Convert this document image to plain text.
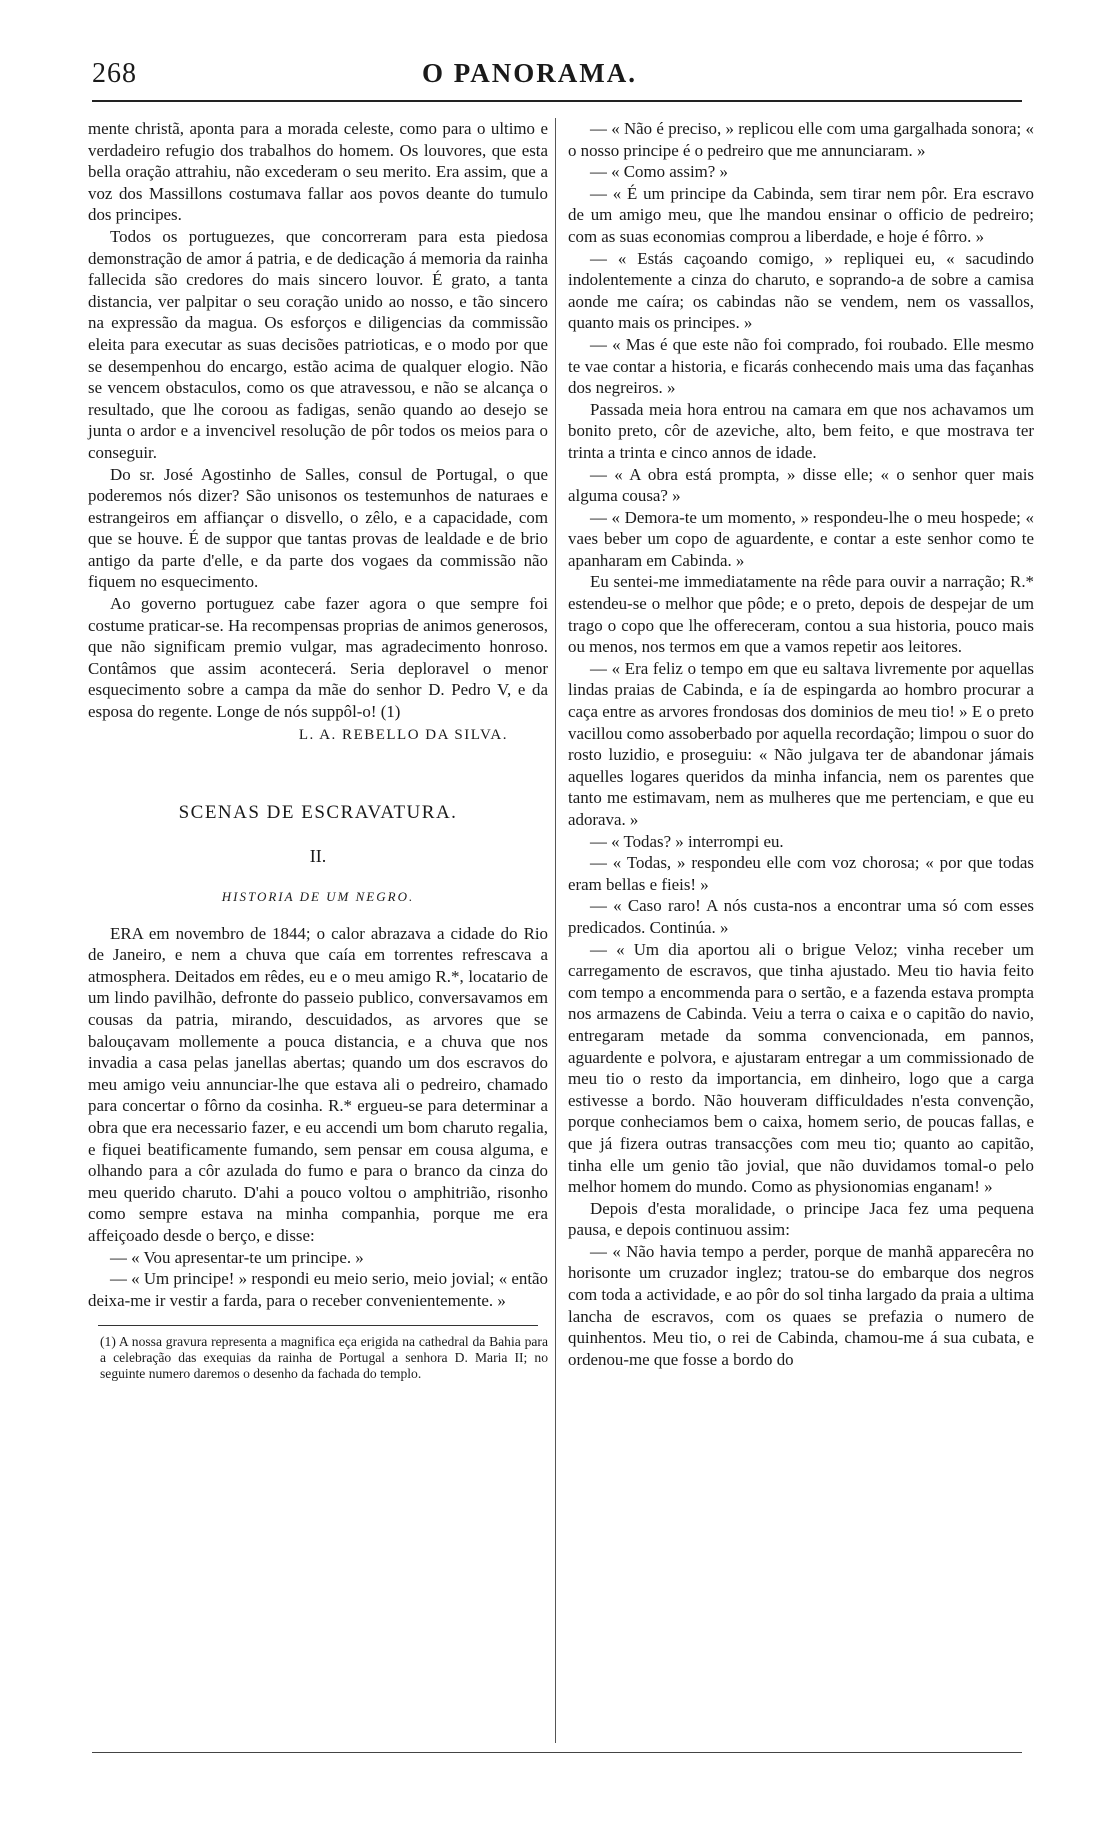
268	O PANORAMA.

mente christã, aponta para a morada celeste, como para o ultimo e verdadeiro refugio dos trabalhos do homem. Os louvores, que esta bella oração attrahiu, não excederam o seu merito. Era assim, que a voz dos Massillons costumava fallar aos povos deante do tumulo dos principes.

Todos os portuguezes, que concorreram para esta piedosa demonstração de amor á patria, e de dedicação á memoria da rainha fallecida são credores do mais sincero louvor. É grato, a tanta distancia, ver palpitar o seu coração unido ao nosso, e tão sincero na expressão da magua. Os esforços e diligencias da commissão eleita para executar as suas decisões patrioticas, e o modo por que se desempenhou do encargo, estão acima de qualquer elogio. Não se vencem obstaculos, como os que atravessou, e não se alcança o resultado, que lhe coroou as fadigas, senão quando ao desejo se junta o ardor e a invencivel resolução de pôr todos os meios para o conseguir.

Do sr. José Agostinho de Salles, consul de Portugal, o que poderemos nós dizer? São unisonos os testemunhos de naturaes e estrangeiros em affiançar o disvello, o zêlo, e a capacidade, com que se houve. É de suppor que tantas provas de lealdade e de brio antigo da parte d'elle, e da parte dos vogaes da commissão não fiquem no esquecimento.

Ao governo portuguez cabe fazer agora o que sempre foi costume praticar-se. Ha recompensas proprias de animos generosos, que não significam premio vulgar, mas agradecimento honroso. Contâmos que assim acontecerá. Seria deploravel o menor esquecimento sobre a campa da mãe do senhor D. Pedro V, e da esposa do regente. Longe de nós suppôl-o! (1)

L. A. REBELLO DA SILVA.
SCENAS DE ESCRAVATURA.
II.
HISTORIA DE UM NEGRO.

ERA em novembro de 1844; o calor abrazava a cidade do Rio de Janeiro, e nem a chuva que caía em torrentes refrescava a atmosphera. Deitados em rêdes, eu e o meu amigo R.*, locatario de um lindo pavilhão, defronte do passeio publico, conversavamos em cousas da patria, mirando, descuidados, as arvores que se balouçavam mollemente a pouca distancia, e a chuva que nos invadia a casa pelas janellas abertas; quando um dos escravos do meu amigo veiu annunciar-lhe que estava ali o pedreiro, chamado para concertar o fôrno da cosinha. R.* ergueu-se para determinar a obra que era necessario fazer, e eu accendi um bom charuto regalia, e fiquei beatificamente fumando, sem pensar em cousa alguma, e olhando para a côr azulada do fumo e para o branco da cinza do meu querido charuto. D'ahi a pouco voltou o amphitrião, risonho como sempre estava na minha companhia, porque me era affeiçoado desde o berço, e disse:

— « Vou apresentar-te um principe. »

— « Um principe! » respondi eu meio serio, meio jovial; « então deixa-me ir vestir a farda, para o receber convenientemente. »

(1) A nossa gravura representa a magnifica eça erigida na cathedral da Bahia para a celebração das exequias da rainha de Portugal a senhora D. Maria II; no seguinte numero daremos o desenho da fachada do templo.

— « Não é preciso, » replicou elle com uma gargalhada sonora; « o nosso principe é o pedreiro que me annunciaram. »

— « Como assim? »

— « É um principe da Cabinda, sem tirar nem pôr. Era escravo de um amigo meu, que lhe mandou ensinar o officio de pedreiro; com as suas economias comprou a liberdade, e hoje é fôrro. »

— « Estás caçoando comigo, » repliquei eu, « sacudindo indolentemente a cinza do charuto, e soprando-a de sobre a camisa aonde me caíra; os cabindas não se vendem, nem os vassallos, quanto mais os principes. »

— « Mas é que este não foi comprado, foi roubado. Elle mesmo te vae contar a historia, e ficarás conhecendo mais uma das façanhas dos negreiros. »

Passada meia hora entrou na camara em que nos achavamos um bonito preto, côr de azeviche, alto, bem feito, e que mostrava ter trinta a trinta e cinco annos de idade.

— « A obra está prompta, » disse elle; « o senhor quer mais alguma cousa? »

— « Demora-te um momento, » respondeu-lhe o meu hospede; « vaes beber um copo de aguardente, e contar a este senhor como te apanharam em Cabinda. »

Eu sentei-me immediatamente na rêde para ouvir a narração; R.* estendeu-se o melhor que pôde; e o preto, depois de despejar de um trago o copo que lhe offereceram, contou a sua historia, pouco mais ou menos, nos termos em que a vamos repetir aos leitores.

— « Era feliz o tempo em que eu saltava livremente por aquellas lindas praias de Cabinda, e ía de espingarda ao hombro procurar a caça entre as arvores frondosas dos dominios de meu tio! » E o preto vacillou como assoberbado por aquella recordação; limpou o suor do rosto luzidio, e proseguiu: « Não julgava ter de abandonar jámais aquelles logares queridos da minha infancia, nem os parentes que tanto me estimavam, nem as mulheres que me pertenciam, e que eu adorava. »

— « Todas? » interrompi eu.

— « Todas, » respondeu elle com voz chorosa; « por que todas eram bellas e fieis! »

— « Caso raro! A nós custa-nos a encontrar uma só com esses predicados. Continúa. »

— « Um dia aportou ali o brigue Veloz; vinha receber um carregamento de escravos, que tinha ajustado. Meu tio havia feito com tempo a encommenda para o sertão, e a fazenda estava prompta nos armazens de Cabinda. Veiu a terra o caixa e o capitão do navio, entregaram metade da somma convencionada, em pannos, aguardente e polvora, e ajustaram entregar a um commissionado de meu tio o resto da importancia, em dinheiro, logo que a carga estivesse a bordo. Não houveram difficuldades n'esta convenção, porque conheciamos bem o caixa, homem serio, de poucas fallas, e que já fizera outras transacções com meu tio; quanto ao capitão, tinha elle um genio tão jovial, que não duvidamos tomal-o pelo melhor homem do mundo. Como as physionomias enganam! »

Depois d'esta moralidade, o principe Jaca fez uma pequena pausa, e depois continuou assim:

— « Não havia tempo a perder, porque de manhã apparecêra no horisonte um cruzador inglez; tratou-se do embarque dos negros com toda a actividade, e ao pôr do sol tinha largado da praia a ultima lancha de escravos, com os quaes se prefazia o numero de quinhentos. Meu tio, o rei de Cabinda, chamou-me á sua cubata, e ordenou-me que fosse a bordo do
